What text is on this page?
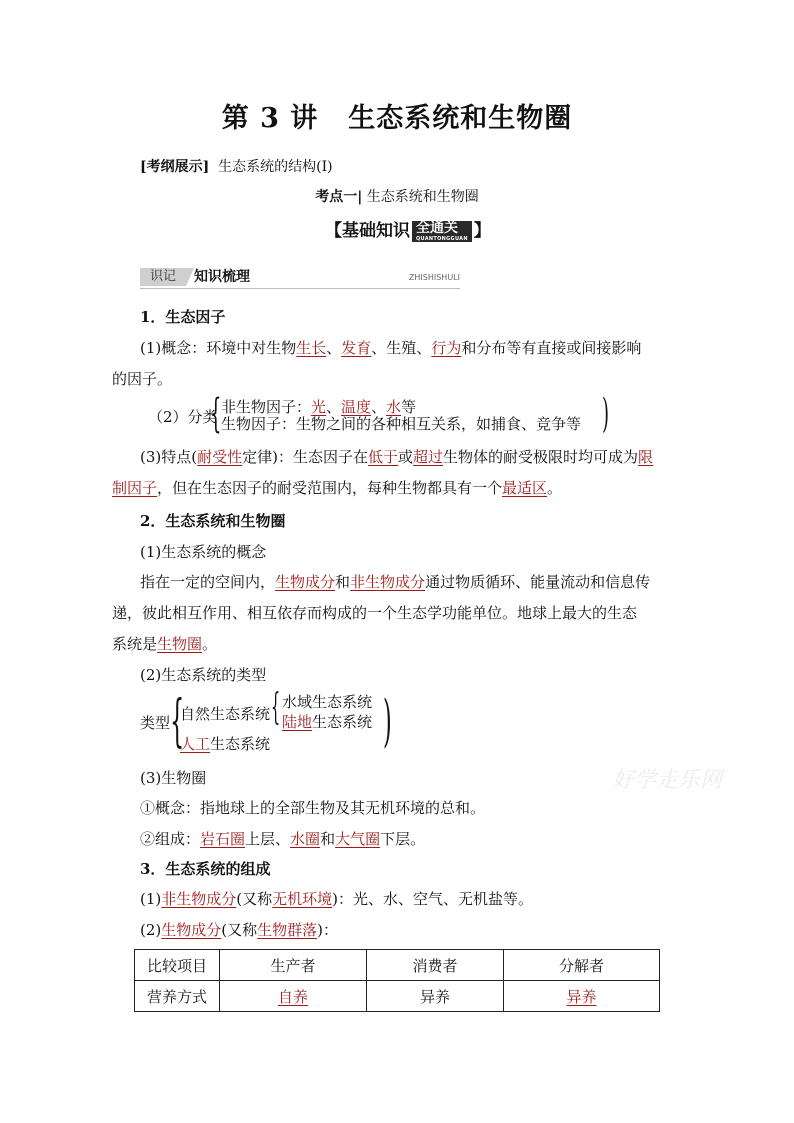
第 3 讲 生态系统和生物圈
[考纲展示] 生态系统的结构(Ⅰ)
考点一| 生态系统和生物圈
【基础知识 全通关
QUANTONGGUAN 】
识记	知识梳理	ZHISHISHULI
1．生态因子
(1)概念：环境中对生物生长、发育、生殖、行为和分布等有直接或间接影响
的因子。
（2）分类
{ 非生物因子：光、温度、水等
生物因子：生物之间的各种相互关系，如捕食、竞争等 )
(3)特点(耐受性定律)：生态因子在低于或超过生物体的耐受极限时均可成为限
制因子，但在生态因子的耐受范围内，每种生物都具有一个最适区。
2．生态系统和生物圈
(1)生态系统的概念
指在一定的空间内，生物成分和非生物成分通过物质循环、能量流动和信息传
递，彼此相互作用、相互依存而构成的一个生态学功能单位。地球上最大的生态
系统是生物圈。
(2)生态系统的类型
类型 {
自然生态系统 { 水域生态系统
陆地生态系统
人工生态系统 )
(3)生物圈
①概念：指地球上的全部生物及其无机环境的总和。
②组成：岩石圈上层、水圈和大气圈下层。
3．生态系统的组成
(1)非生物成分(又称无机环境)：光、水、空气、无机盐等。
(2)生物成分(又称生物群落)：
比较项目	生产者	消费者	分解者
营养方式	自养	异养	异养
好学走乐网
